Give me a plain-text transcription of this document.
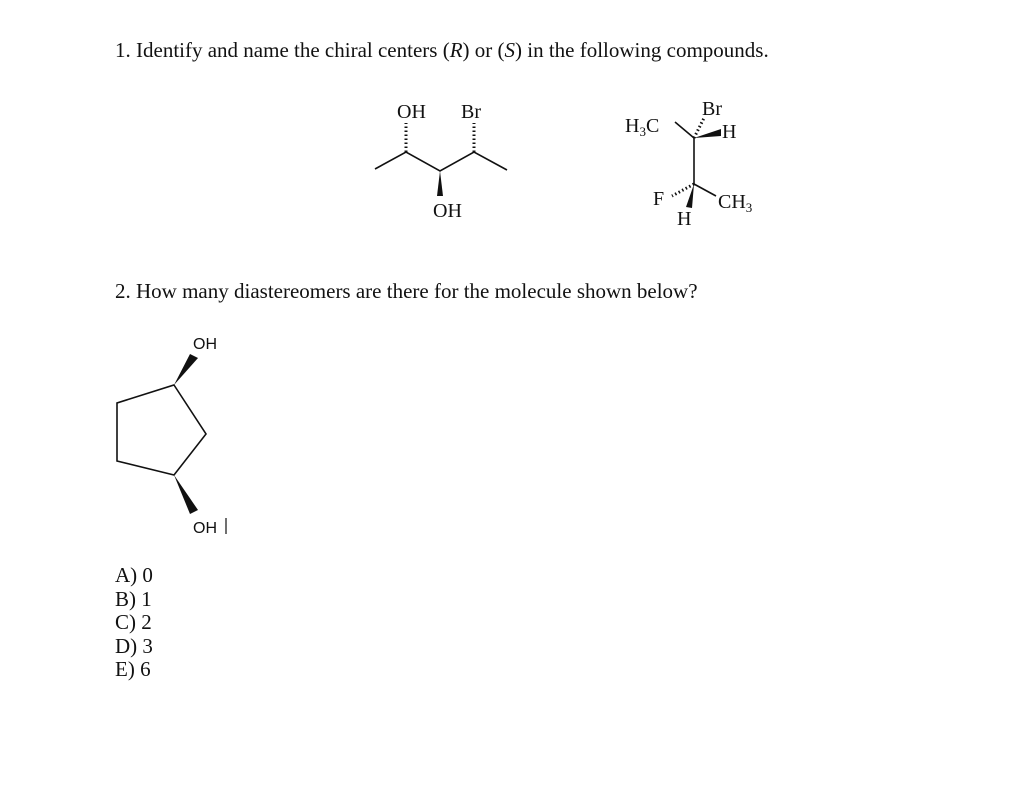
1. Identify and name the chiral centers (R) or (S) in the following compounds.
OH Br
OH
$H_3C$
Br
H
F
H
$CH_3$
OH
OH
2. How many diastereomers are there for the molecule shown below?
A) 0
B) 1
C) 2
D) 3
E) 6
